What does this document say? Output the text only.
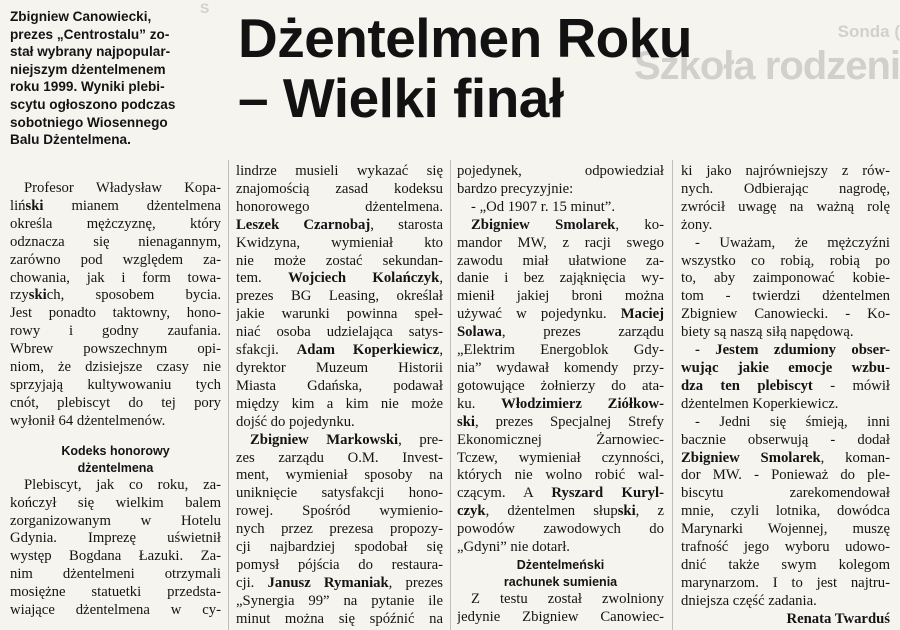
S
Sonda (
Szkoła rodzeni
Zbigniew Canowiecki,
prezes „Centrostalu” zo-
stał wybrany najpopular-
niejszym dżentelmenem
roku 1999. Wyniki plebi-
scytu ogłoszono podczas
sobotniego Wiosennego
Balu Dżentelmena.
Dżentelmen Roku
– Wielki finał

Profesor Władysław Kopa-

liński mianem dżentelmena

określa mężczyznę, który

odznacza się nienagannym,

zarówno pod względem za-

chowania, jak i form towa-

rzyskich, sposobem bycia.

Jest ponadto taktowny, hono-

rowy i godny zaufania.

Wbrew powszechnym opi-

niom, że dzisiejsze czasy nie

sprzyjają kultywowaniu tych

cnót, plebiscyt do tej pory

wyłonił 64 dżentelmenów.

Kodeks honorowy

dżentelmena

Plebiscyt, jak co roku, za-

kończył się wielkim balem

zorganizowanym w Hotelu

Gdynia. Imprezę uświetnił

występ Bogdana Łazuki. Za-

nim dżentelmeni otrzymali

mosiężne statuetki przedsta-

wiające dżentelmena w cy-

lindrze musieli wykazać się

znajomością zasad kodeksu

honorowego dżentelmena.

Leszek Czarnobaj, starosta

Kwidzyna, wymieniał kto

nie może zostać sekundan-

tem. Wojciech Kolańczyk,

prezes BG Leasing, określał

jakie warunki powinna speł-

niać osoba udzielająca satys-

sfakcji. Adam Koperkiewicz,

dyrektor Muzeum Historii

Miasta Gdańska, podawał

między kim a kim nie może

dojść do pojedynku.

Zbigniew Markowski, pre-

zes zarządu O.M. Invest-

ment, wymieniał sposoby na

uniknięcie satysfakcji hono-

rowej. Spośród wymienio-

nych przez prezesa propozy-

cji najbardziej spodobał się

pomysł pójścia do restaura-

cji. Janusz Rymaniak, prezes

„Synergia 99” na pytanie ile

minut można się spóźnić na

pojedynek, odpowiedział

bardzo precyzyjnie:

- „Od 1907 r. 15 minut”.

Zbigniew Smolarek, ko-

mandor MW, z racji swego

zawodu miał ułatwione za-

danie i bez zająknięcia wy-

mienił jakiej broni można

używać w pojedynku. Maciej

Solawa, prezes zarządu

„Elektrim Energoblok Gdy-

nia” wydawał komendy przy-

gotowujące żołnierzy do ata-

ku. Włodzimierz Ziółkow-

ski, prezes Specjalnej Strefy

Ekonomicznej Żarnowiec-

Tczew, wymieniał czynności,

których nie wolno robić wal-

czącym. A Ryszard Kuryl-

czyk, dżentelmen słupski, z

powodów zawodowych do

„Gdyni” nie dotarł.

Dżentelmeński

rachunek sumienia

Z testu został zwolniony

jedynie Zbigniew Canowiec-

ki jako najrówniejszy z rów-

nych. Odbierając nagrodę,

zwrócił uwagę na ważną rolę

żony.

- Uważam, że mężczyźni

wszystko co robią, robią po

to, aby zaimponować kobie-

tom - twierdzi dżentelmen

Zbigniew Canowiecki. - Ko-

biety są naszą siłą napędową.

- Jestem zdumiony obser-

wując jakie emocje wzbu-

dza ten plebiscyt - mówił

dżentelmen Koperkiewicz.

- Jedni się śmieją, inni

bacznie obserwują - dodał

Zbigniew Smolarek, koman-

dor MW. - Ponieważ do ple-

biscytu zarekomendował

mnie, czyli lotnika, dowódca

Marynarki Wojennej, muszę

trafność jego wyboru udowo-

dnić także swym kolegom

marynarzom. I to jest najtru-

dniejsza część zadania.

Renata Twarduś
